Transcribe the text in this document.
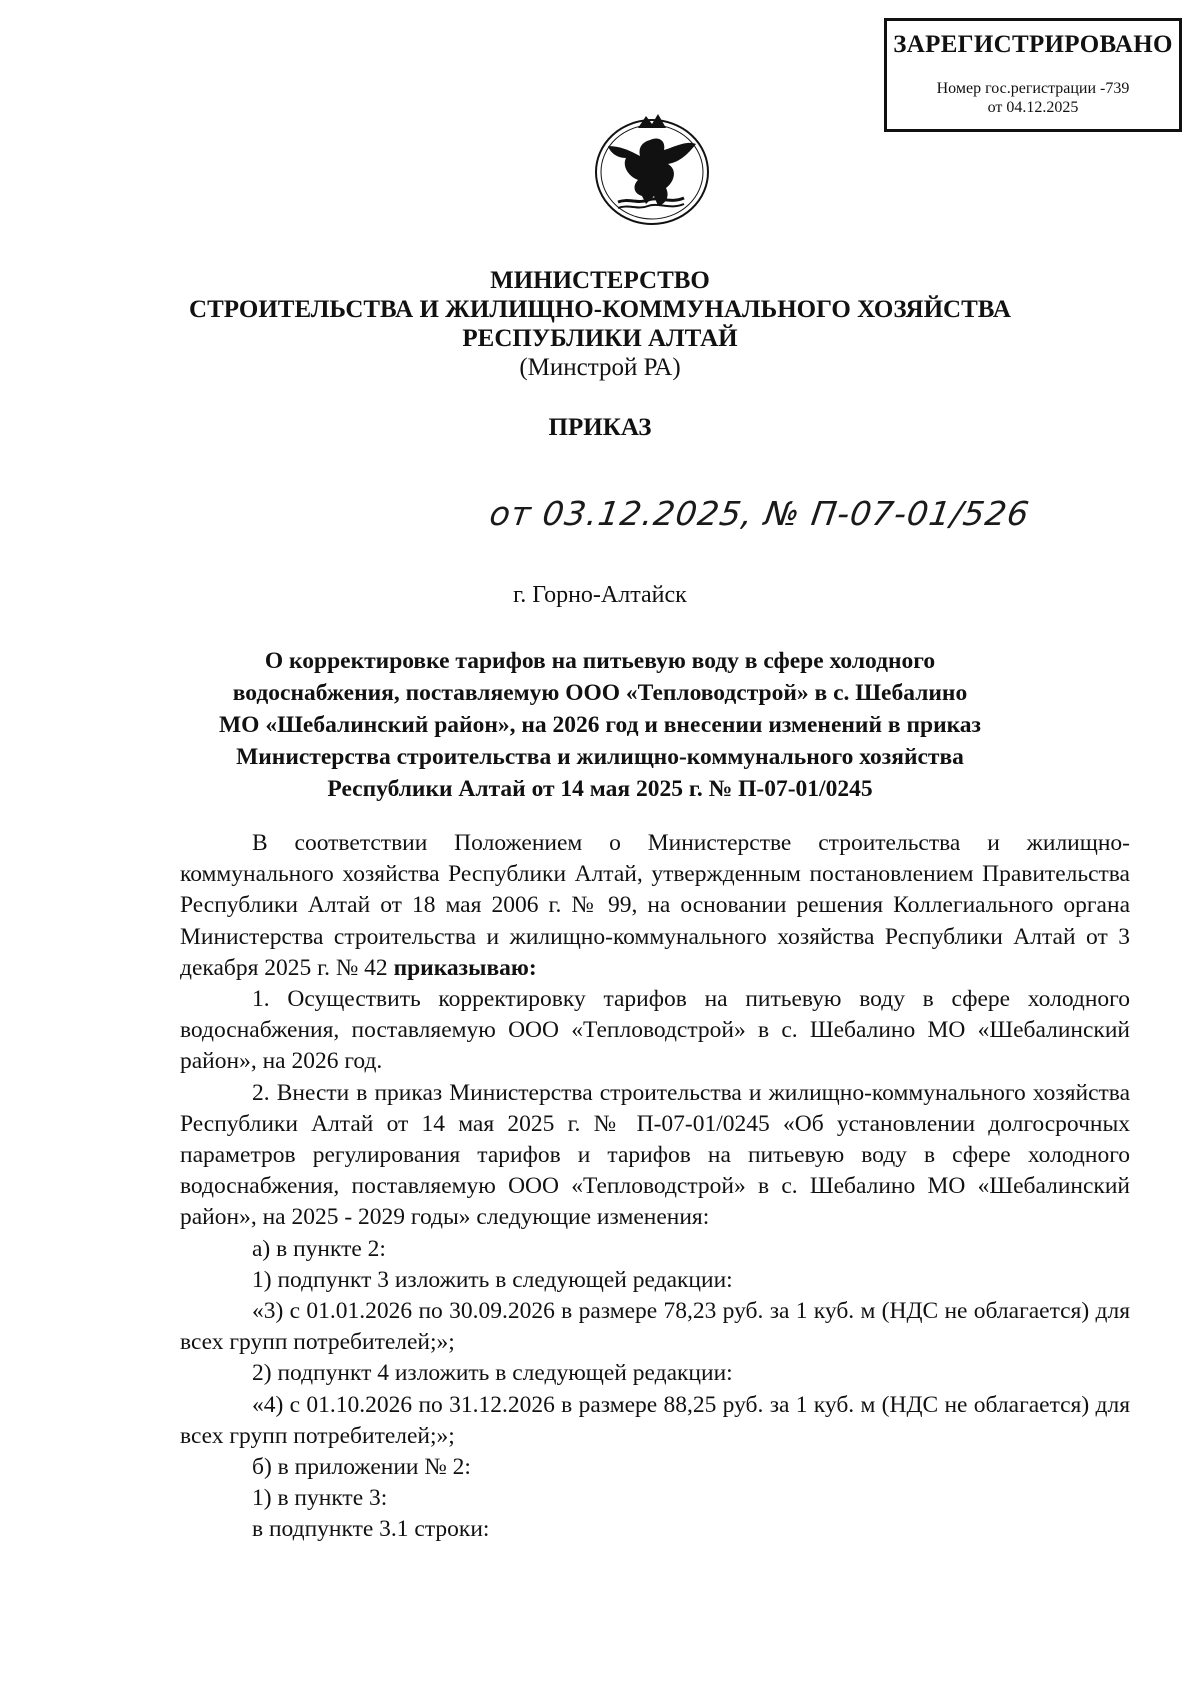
ЗАРЕГИСТРИРОВАНО
Номер гос.регистрации -739
от 04.12.2025
МИНИСТЕРСТВО
СТРОИТЕЛЬСТВА И ЖИЛИЩНО-КОММУНАЛЬНОГО ХОЗЯЙСТВА
РЕСПУБЛИКИ АЛТАЙ
(Минстрой РА)
ПРИКАЗ
от 03.12.2025, № П-07-01/526
г. Горно-Алтайск
О корректировке тарифов на питьевую воду в сфере холодного
водоснабжения, поставляемую ООО «Тепловодстрой» в с. Шебалино
МО «Шебалинский район», на 2026 год и внесении изменений в приказ
Министерства строительства и жилищно-коммунального хозяйства
Республики Алтай от 14 мая 2025 г. № П-07-01/0245

В соответствии Положением о Министерстве строительства и жилищно-коммунального хозяйства Республики Алтай, утвержденным постановлением Правительства Республики Алтай от 18 мая 2006 г. № 99, на основании решения Коллегиального органа Министерства строительства и жилищно-коммунального хозяйства Республики Алтай от 3 декабря 2025 г. № 42 приказываю:

1. Осуществить корректировку тарифов на питьевую воду в сфере холодного водоснабжения, поставляемую ООО «Тепловодстрой» в с. Шебалино МО «Шебалинский район», на 2026 год.

2. Внести в приказ Министерства строительства и жилищно-коммунального хозяйства Республики Алтай от 14 мая 2025 г. № П-07-01/0245 «Об установлении долгосрочных параметров регулирования тарифов и тарифов на питьевую воду в сфере холодного водоснабжения, поставляемую ООО «Тепловодстрой» в с. Шебалино МО «Шебалинский район», на 2025 - 2029 годы» следующие изменения:

а) в пункте 2:

1) подпункт 3 изложить в следующей редакции:

«3) с 01.01.2026 по 30.09.2026 в размере 78,23 руб. за 1 куб. м (НДС не облагается) для всех групп потребителей;»;

2) подпункт 4 изложить в следующей редакции:

«4) с 01.10.2026 по 31.12.2026 в размере 88,25 руб. за 1 куб. м (НДС не облагается) для всех групп потребителей;»;

б) в приложении № 2:

1) в пункте 3:

в подпункте 3.1 строки:
